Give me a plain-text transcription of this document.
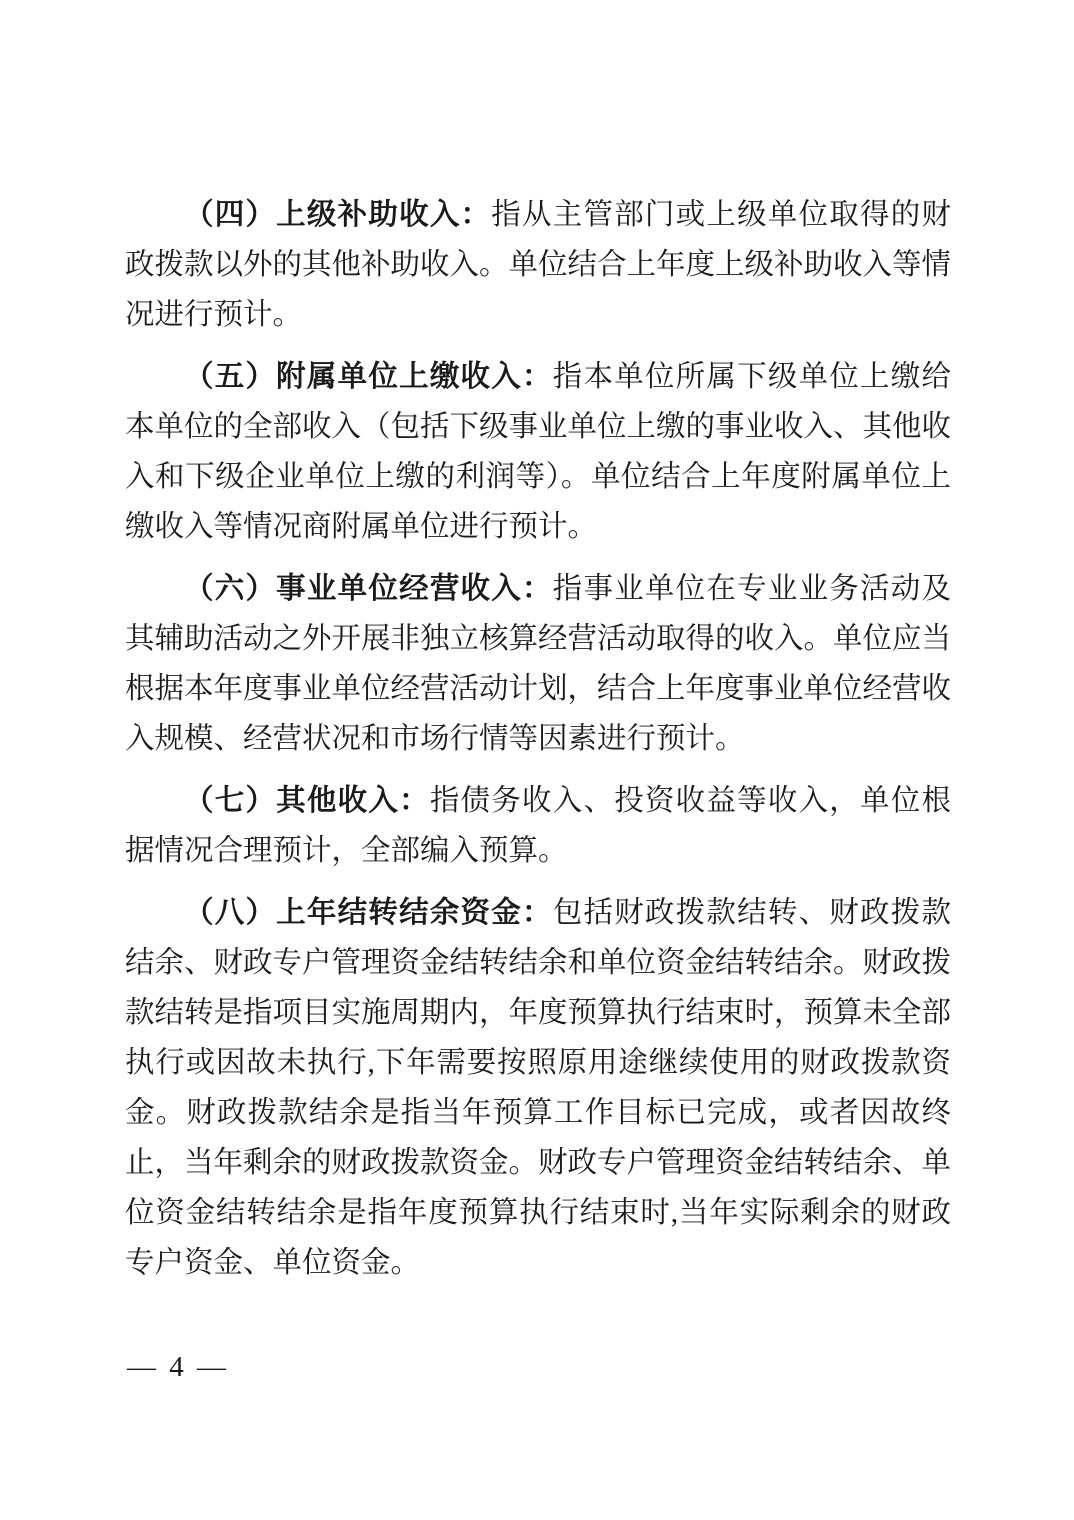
（四）上级补助收入：指从主管部门或上级单位取得的财政拨款以外的其他补助收入。单位结合上年度上级补助收入等情况进行预计。

（五）附属单位上缴收入：指本单位所属下级单位上缴给本单位的全部收入（包括下级事业单位上缴的事业收入、其他收入和下级企业单位上缴的利润等）。单位结合上年度附属单位上缴收入等情况商附属单位进行预计。

（六）事业单位经营收入：指事业单位在专业业务活动及其辅助活动之外开展非独立核算经营活动取得的收入。单位应当根据本年度事业单位经营活动计划，结合上年度事业单位经营收入规模、经营状况和市场行情等因素进行预计。

（七）其他收入：指债务收入、投资收益等收入，单位根据情况合理预计，全部编入预算。

（八）上年结转结余资金：包括财政拨款结转、财政拨款结余、财政专户管理资金结转结余和单位资金结转结余。财政拨款结转是指项目实施周期内，年度预算执行结束时，预算未全部执行或因故未执行,下年需要按照原用途继续使用的财政拨款资金。财政拨款结余是指当年预算工作目标已完成，或者因故终止，当年剩余的财政拨款资金。财政专户管理资金结转结余、单位资金结转结余是指年度预算执行结束时,当年实际剩余的财政专户资金、单位资金。

— 4 —
